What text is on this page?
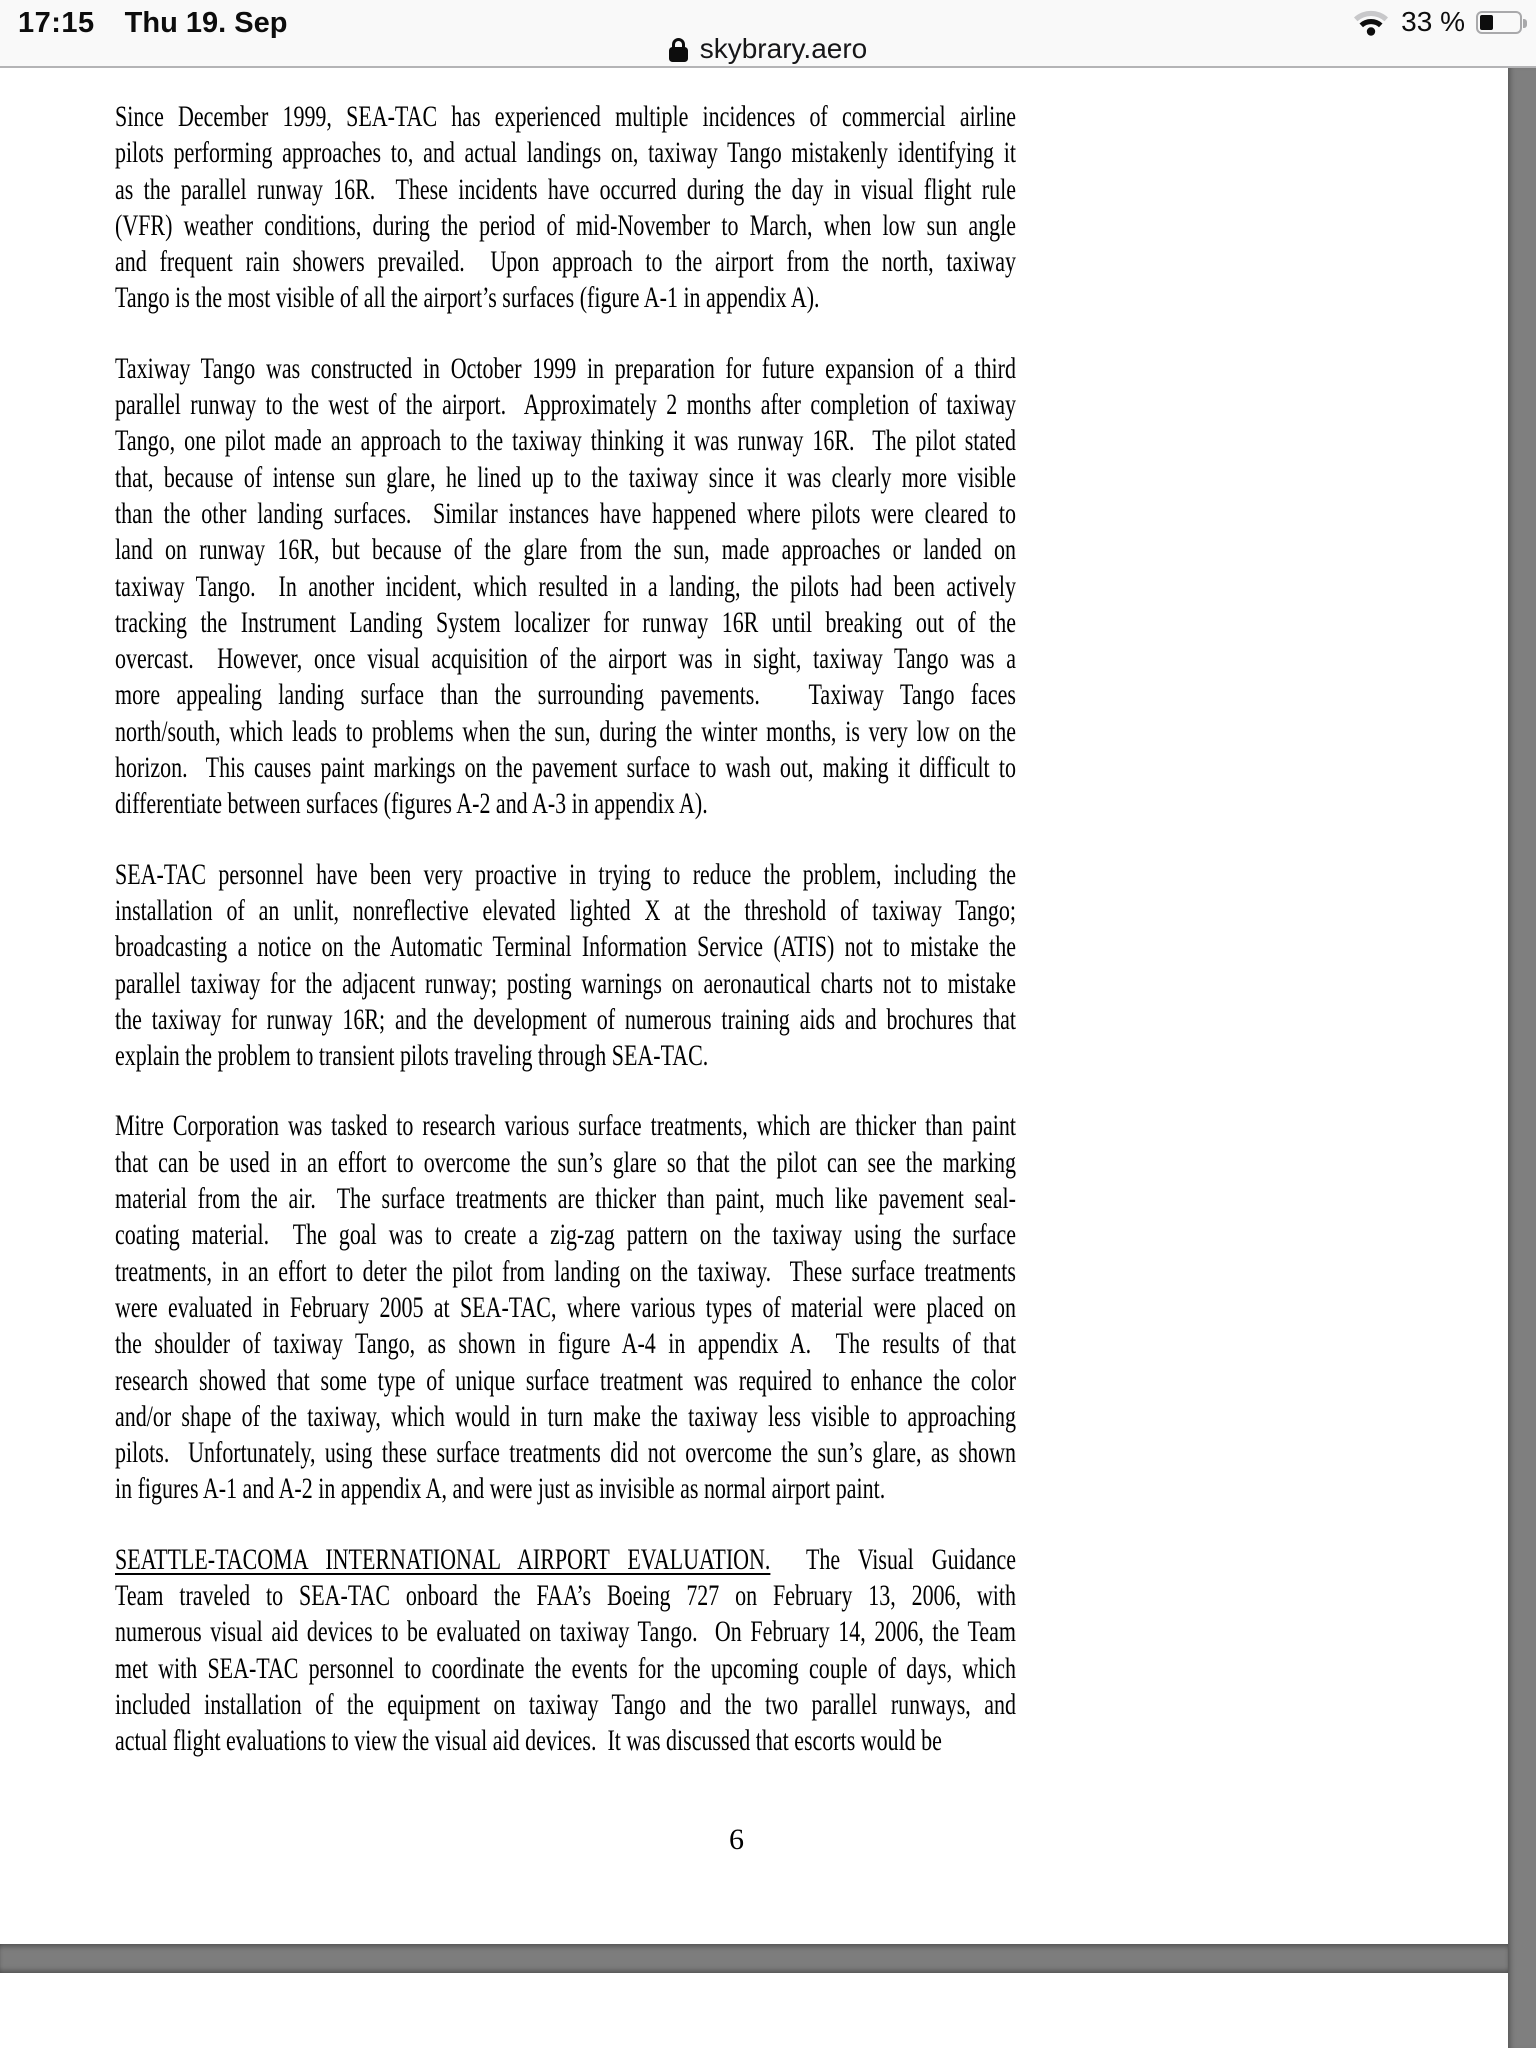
17:15 Thu 19. Sep	33 %
skybrary.aero

Since December 1999, SEA-TAC has experienced multiple incidences of commercial airline
pilots performing approaches to, and actual landings on, taxiway Tango mistakenly identifying it
as the parallel runway 16R.  These incidents have occurred during the day in visual flight rule
(VFR) weather conditions, during the period of mid-November to March, when low sun angle
and frequent rain showers prevailed.  Upon approach to the airport from the north, taxiway
Tango is the most visible of all the airport’s surfaces (figure A-1 in appendix A).

Taxiway Tango was constructed in October 1999 in preparation for future expansion of a third
parallel runway to the west of the airport.  Approximately 2 months after completion of taxiway
Tango, one pilot made an approach to the taxiway thinking it was runway 16R.  The pilot stated
that, because of intense sun glare, he lined up to the taxiway since it was clearly more visible
than the other landing surfaces.  Similar instances have happened where pilots were cleared to
land on runway 16R, but because of the glare from the sun, made approaches or landed on
taxiway Tango.  In another incident, which resulted in a landing, the pilots had been actively
tracking the Instrument Landing System localizer for runway 16R until breaking out of the
overcast.  However, once visual acquisition of the airport was in sight, taxiway Tango was a
more appealing landing surface than the surrounding pavements.   Taxiway Tango faces
north/south, which leads to problems when the sun, during the winter months, is very low on the
horizon.  This causes paint markings on the pavement surface to wash out, making it difficult to
differentiate between surfaces (figures A-2 and A-3 in appendix A).

SEA-TAC personnel have been very proactive in trying to reduce the problem, including the
installation of an unlit, nonreflective elevated lighted X at the threshold of taxiway Tango;
broadcasting a notice on the Automatic Terminal Information Service (ATIS) not to mistake the
parallel taxiway for the adjacent runway; posting warnings on aeronautical charts not to mistake
the taxiway for runway 16R; and the development of numerous training aids and brochures that
explain the problem to transient pilots traveling through SEA-TAC.

Mitre Corporation was tasked to research various surface treatments, which are thicker than paint
that can be used in an effort to overcome the sun’s glare so that the pilot can see the marking
material from the air.  The surface treatments are thicker than paint, much like pavement seal-
coating material.  The goal was to create a zig-zag pattern on the taxiway using the surface
treatments, in an effort to deter the pilot from landing on the taxiway.  These surface treatments
were evaluated in February 2005 at SEA-TAC, where various types of material were placed on
the shoulder of taxiway Tango, as shown in figure A-4 in appendix A.  The results of that
research showed that some type of unique surface treatment was required to enhance the color
and/or shape of the taxiway, which would in turn make the taxiway less visible to approaching
pilots.  Unfortunately, using these surface treatments did not overcome the sun’s glare, as shown
in figures A-1 and A-2 in appendix A, and were just as invisible as normal airport paint.

SEATTLE-TACOMA INTERNATIONAL AIRPORT EVALUATION.  The Visual Guidance
Team traveled to SEA-TAC onboard the FAA’s Boeing 727 on February 13, 2006, with
numerous visual aid devices to be evaluated on taxiway Tango.  On February 14, 2006, the Team
met with SEA-TAC personnel to coordinate the events for the upcoming couple of days, which
included installation of the equipment on taxiway Tango and the two parallel runways, and
actual flight evaluations to view the visual aid devices.  It was discussed that escorts would be

6
